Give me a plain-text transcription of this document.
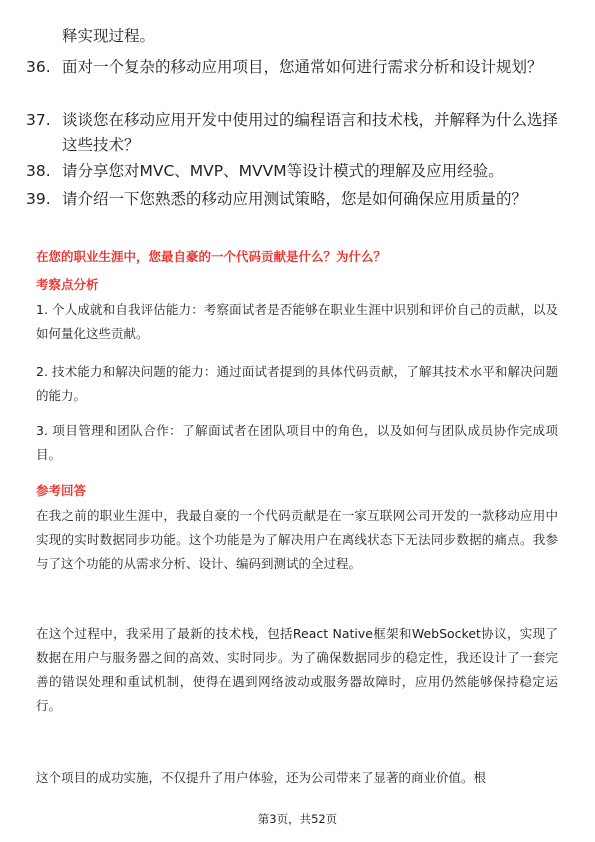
释实现过程。
36. 面对一个复杂的移动应用项目，您通常如何进行需求分析和设计规划？
37. 谈谈您在移动应用开发中使用过的编程语言和技术栈，并解释为什么选择这些技术？
38. 请分享您对MVC、MVP、MVVM等设计模式的理解及应用经验。
39. 请介绍一下您熟悉的移动应用测试策略，您是如何确保应用质量的？
在您的职业生涯中，您最自豪的一个代码贡献是什么？为什么？
考察点分析
1. 个人成就和自我评估能力：考察面试者是否能够在职业生涯中识别和评价自己的贡献，以及如何量化这些贡献。
2. 技术能力和解决问题的能力：通过面试者提到的具体代码贡献，了解其技术水平和解决问题的能力。
3. 项目管理和团队合作：了解面试者在团队项目中的角色，以及如何与团队成员协作完成项目。
参考回答
在我之前的职业生涯中，我最自豪的一个代码贡献是在一家互联网公司开发的一款移动应用中实现的实时数据同步功能。这个功能是为了解决用户在离线状态下无法同步数据的痛点。我参与了这个功能的从需求分析、设计、编码到测试的全过程。
在这个过程中，我采用了最新的技术栈，包括React Native框架和WebSocket协议，实现了数据在用户与服务器之间的高效、实时同步。为了确保数据同步的稳定性，我还设计了一套完善的错误处理和重试机制，使得在遇到网络波动或服务器故障时，应用仍然能够保持稳定运行。
这个项目的成功实施，不仅提升了用户体验，还为公司带来了显著的商业价值。根
第3页，共52页
